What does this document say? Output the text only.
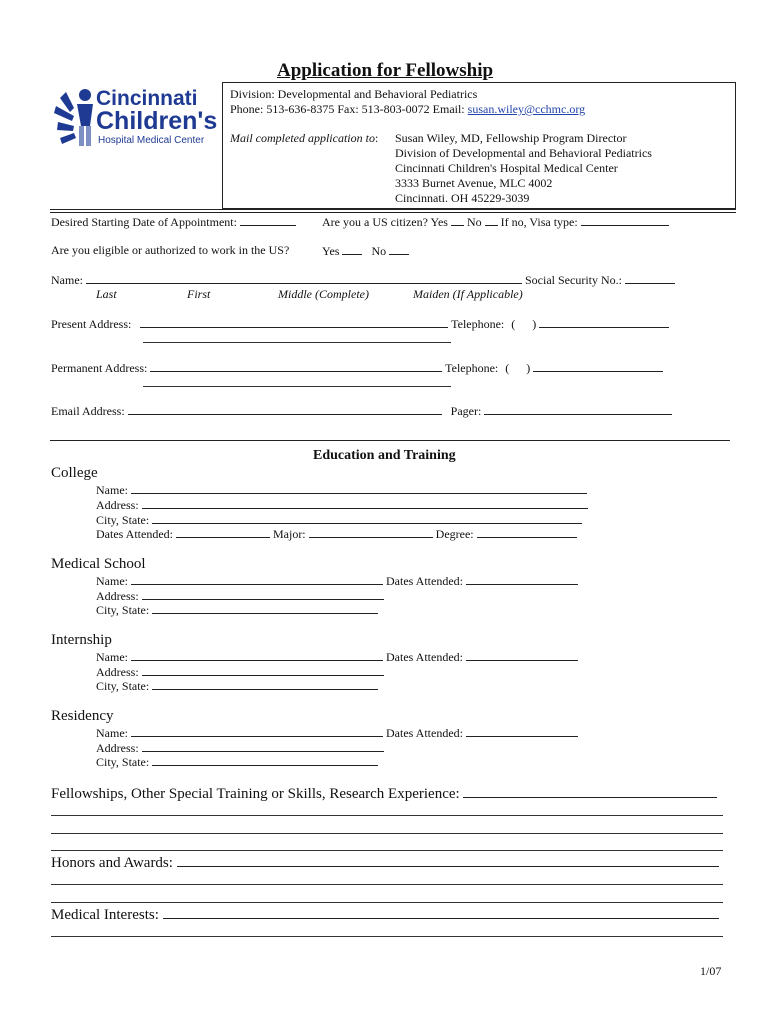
Application for Fellowship
Cincinnati
Children's
Hospital Medical Center
Division: Developmental and Behavioral Pediatrics
Phone: 513-636-8375 Fax: 513-803-0072 Email: susan.wiley@cchmc.org
Mail completed application to: Susan Wiley, MD, Fellowship Program Director
Division of Developmental and Behavioral Pediatrics
Cincinnati Children's Hospital Medical Center
3333 Burnet Avenue, MLC 4002
Cincinnati. OH 45229-3039
Desired Starting Date of Appointment:	Are you a US citizen? Yes No If no, Visa type:
Are you eligible or authorized to work in the US?	Yes	No
Name:	Social Security No.:
Last	First	Middle (Complete)	Maiden (If Applicable)
Present Address:	Telephone: ( )
Permanent Address:	Telephone: ( )
Email Address:	Pager:
Education and Training
College
Name:
Address:
City, State:
Dates Attended:	Major:	Degree:
Medical School
Name:	Dates Attended:
Address:
City, State:
Internship
Name:	Dates Attended:
Address:
City, State:
Residency
Name:	Dates Attended:
Address:
City, State:
Fellowships, Other Special Training or Skills, Research Experience:
Honors and Awards:
Medical Interests:
1/07
